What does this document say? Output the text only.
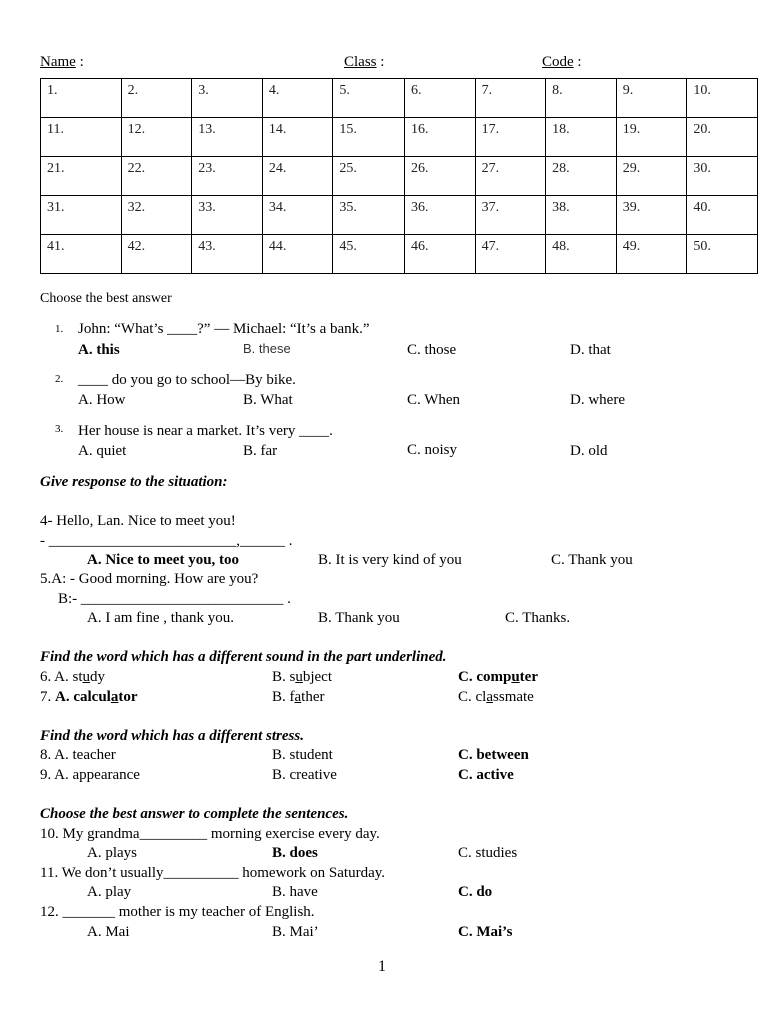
Name :	Class :	Code :
1.	2.	3.	4.	5.	6.	7.	8.	9.	10.
11.	12.	13.	14.	15.	16.	17.	18.	19.	20.
21.	22.	23.	24.	25.	26.	27.	28.	29.	30.
31.	32.	33.	34.	35.	36.	37.	38.	39.	40.
41.	42.	43.	44.	45.	46.	47.	48.	49.	50.
Choose the best answer
1. John: “What’s ____?” — Michael: “It’s a bank.”
A. this	B. these	C. those	D. that
2. ____ do you go to school—By bike.
A. How	B. What	C. When	D. where
3. Her house is near a market. It’s very ____.
A. quiet	B. far	C. noisy	D. old
Give response to the situation:
4- Hello, Lan. Nice to meet you!
- _________________________,______ .
A. Nice to meet you, too	B. It is very kind of you	C. Thank you
5.A: - Good morning. How are you?
B:- ___________________________ .
A. I am fine , thank you.	B. Thank you	C. Thanks.
Find the word which has a different sound in the part underlined.
6. A. study	B. subject	C. computer
7. A. calculator	B. father	C. classmate
Find the word which has a different stress.
8. A. teacher	B. student	C. between
9. A. appearance	B. creative	C. active
Choose the best answer to complete the sentences.
10. My grandma_________ morning exercise every day.
A. plays	B. does	C. studies
11. We don’t usually__________ homework on Saturday.
A. play	B. have	C. do
12. _______ mother is my teacher of English.
A. Mai	B. Mai’	C. Mai’s
1
